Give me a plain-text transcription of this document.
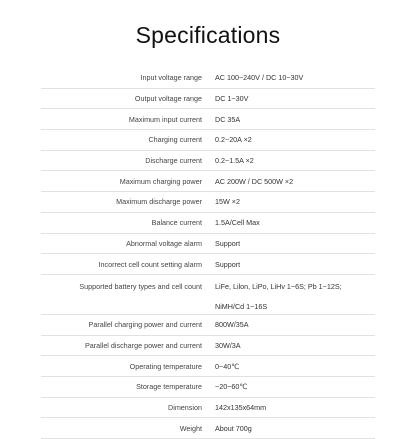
Specifications
Input voltage range AC 100~240V / DC 10~30V
Output voltage range DC 1~30V
Maximum input current DC 35A
Charging current 0.2~20A ×2
Discharge current 0.2~1.5A ×2
Maximum charging power AC 200W / DC 500W ×2
Maximum discharge power 15W ×2
Balance current 1.5A/Cell Max
Abnormal voltage alarm Support
Incorrect cell count setting alarm Support
Supported battery types and cell count LiFe, Lilon, LiPo, LiHv 1~6S; Pb 1~12S;
NiMH/Cd 1~16S
Parallel charging power and current 800W/35A
Parallel discharge power and current 30W/3A
Operating temperature 0~40℃
Storage temperature ~20~60℃
Dimension 142x135x64mm
Weight About 700g
